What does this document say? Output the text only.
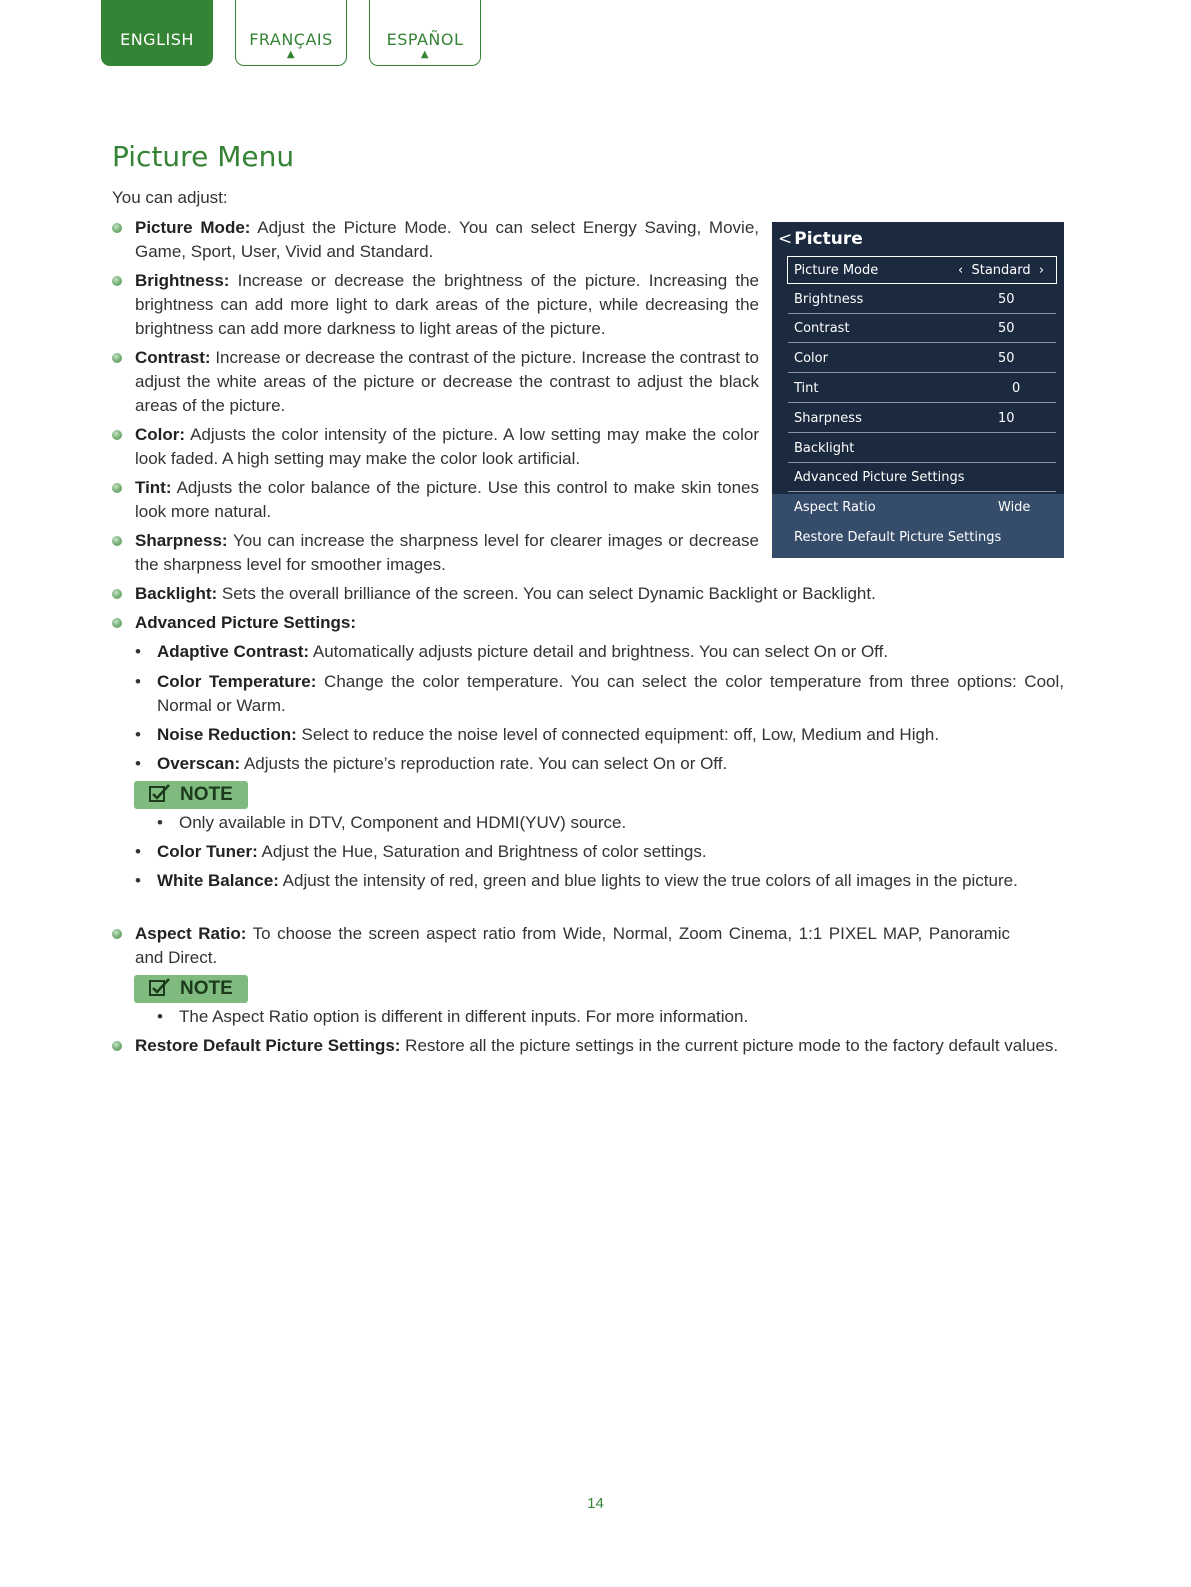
ENGLISH	FRANÇAIS
▲
ESPAÑOL
▲
Picture Menu
You can adjust:
Picture Mode: Adjust the Picture Mode. You can select Energy Saving, Movie, Game, Sport, User, Vivid and Standard.
Brightness: Increase or decrease the brightness of the picture. Increasing the brightness can add more light to dark areas of the picture, while decreasing the brightness can add more darkness to light areas of the picture.
Contrast: Increase or decrease the contrast of the picture. Increase the contrast to adjust the white areas of the picture or decrease the contrast to adjust the black areas of the picture.
Color: Adjusts the color intensity of the picture. A low setting may make the color look faded. A high setting may make the color look artificial.
Tint: Adjusts the color balance of the picture. Use this control to make skin tones look more natural.
Sharpness: You can increase the sharpness level for clearer images or decrease the sharpness level for smoother images.
Backlight: Sets the overall brilliance of the screen. You can select Dynamic Backlight or Backlight.
Advanced Picture Settings:
• Adaptive Contrast: Automatically adjusts picture detail and brightness. You can select On or Off.
• Color Temperature: Change the color temperature. You can select the color temperature from three options: Cool, Normal or Warm.
• Noise Reduction: Select to reduce the noise level of connected equipment: off, Low, Medium and High.
• Overscan: Adjusts the picture’s reproduction rate. You can select On or Off.
NOTE
• Only available in DTV, Component and HDMI(YUV) source.
• Color Tuner: Adjust the Hue, Saturation and Brightness of color settings.
• White Balance: Adjust the intensity of red, green and blue lights to view the true colors of all images in the picture.
Aspect Ratio: To choose the screen aspect ratio from Wide, Normal, Zoom Cinema, 1:1 PIXEL MAP, Panoramic and Direct.
NOTE
• The Aspect Ratio option is different in different inputs. For more information.
Restore Default Picture Settings: Restore all the picture settings in the current picture mode to the factory default values.
< Picture
Picture Mode	‹ Standard ›
Brightness	50
Contrast	50
Color	50
Tint	0
Sharpness	10
Backlight
Advanced Picture Settings
Aspect Ratio	Wide
Restore Default Picture Settings
14
